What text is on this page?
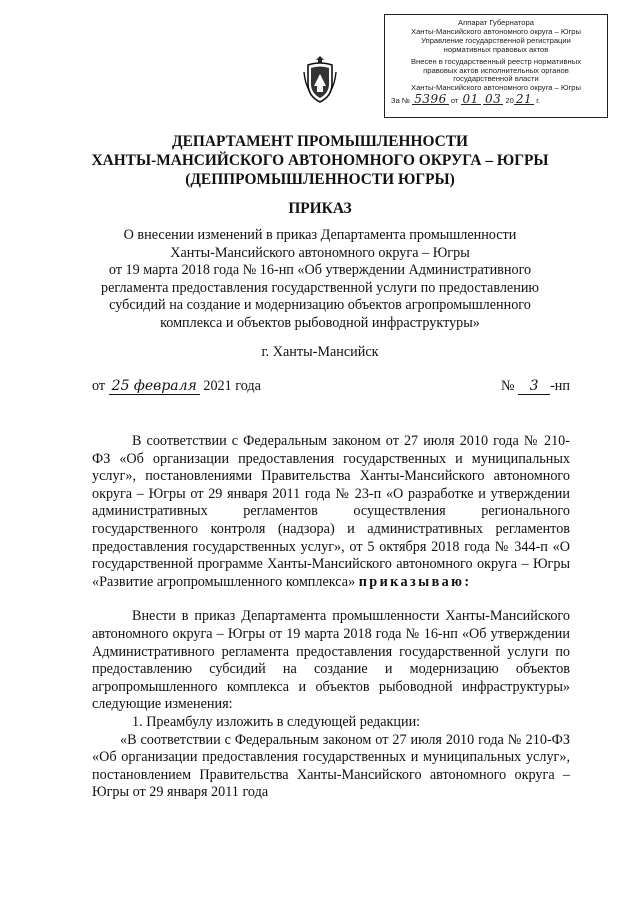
Аппарат Губернатора
Ханты-Мансийского автономного округа – Югры
Управление государственной регистрации
нормативных правовых актов
Внесен в государственный реестр нормативных
правовых актов исполнительных органов
государственной власти
Ханты-Мансийского автономного округа – Югры
За № 5396 от 01 03 20 21 г.
ДЕПАРТАМЕНТ ПРОМЫШЛЕННОСТИ
ХАНТЫ-МАНСИЙСКОГО АВТОНОМНОГО ОКРУГА – ЮГРЫ
(ДЕППРОМЫШЛЕННОСТИ ЮГРЫ)
ПРИКАЗ
О внесении изменений в приказ Департамента промышленности
Ханты-Мансийского автономного округа – Югры
от 19 марта 2018 года № 16-нп «Об утверждении Административного
регламента предоставления государственной услуги по предоставлению
субсидий на создание и модернизацию объектов агропромышленного
комплекса и объектов рыбоводной инфраструктуры»
г. Ханты-Мансийск
от 25 февраля 2021 года	№ 3 -нп

В соответствии с Федеральным законом от 27 июля 2010 года № 210-ФЗ «Об организации предоставления государственных и муниципальных услуг», постановлениями Правительства Ханты-Мансийского автономного округа – Югры от 29 января 2011 года № 23-п «О разработке и утверждении административных регламентов осуществления регионального государственного контроля (надзора) и административных регламентов предоставления государственных услуг», от 5 октября 2018 года № 344-п «О государственной программе Ханты-Мансийского автономного округа – Югры «Развитие агропромышленного комплекса» приказываю:

Внести в приказ Департамента промышленности Ханты-Мансийского автономного округа – Югры от 19 марта 2018 года № 16-нп «Об утверждении Административного регламента предоставления государственной услуги по предоставлению субсидий на создание и модернизацию объектов агропромышленного комплекса и объектов рыбоводной инфраструктуры» следующие изменения:

1. Преамбулу изложить в следующей редакции:

«В соответствии с Федеральным законом от 27 июля 2010 года № 210-ФЗ «Об организации предоставления государственных и муниципальных услуг», постановлением Правительства Ханты-Мансийского автономного округа – Югры от 29 января 2011 года
